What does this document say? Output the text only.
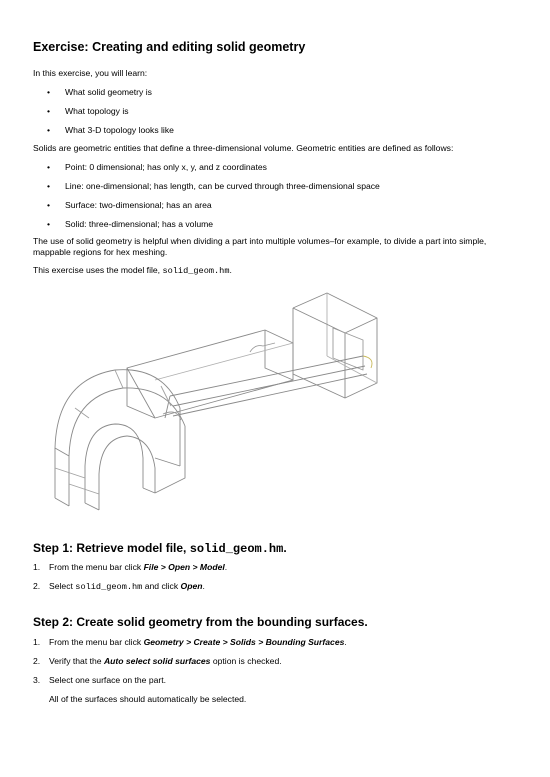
Exercise: Creating and editing solid geometry
In this exercise, you will learn:
• What solid geometry is
• What topology is
• What 3-D topology looks like
Solids are geometric entities that define a three-dimensional volume. Geometric entities are defined as follows:
• Point: 0 dimensional; has only x, y, and z coordinates
• Line: one-dimensional; has length, can be curved through three-dimensional space
• Surface: two-dimensional; has an area
• Solid: three-dimensional; has a volume
The use of solid geometry is helpful when dividing a part into multiple volumes–for example, to divide a part into simple, mappable regions for hex meshing.
This exercise uses the model file, solid_geom.hm.
Step 1: Retrieve model file, solid_geom.hm.
1. From the menu bar click File > Open > Model.
2. Select solid_geom.hm and click Open.
Step 2: Create solid geometry from the bounding surfaces.
1. From the menu bar click Geometry > Create > Solids > Bounding Surfaces.
2. Verify that the Auto select solid surfaces option is checked.
3. Select one surface on the part.
All of the surfaces should automatically be selected.
